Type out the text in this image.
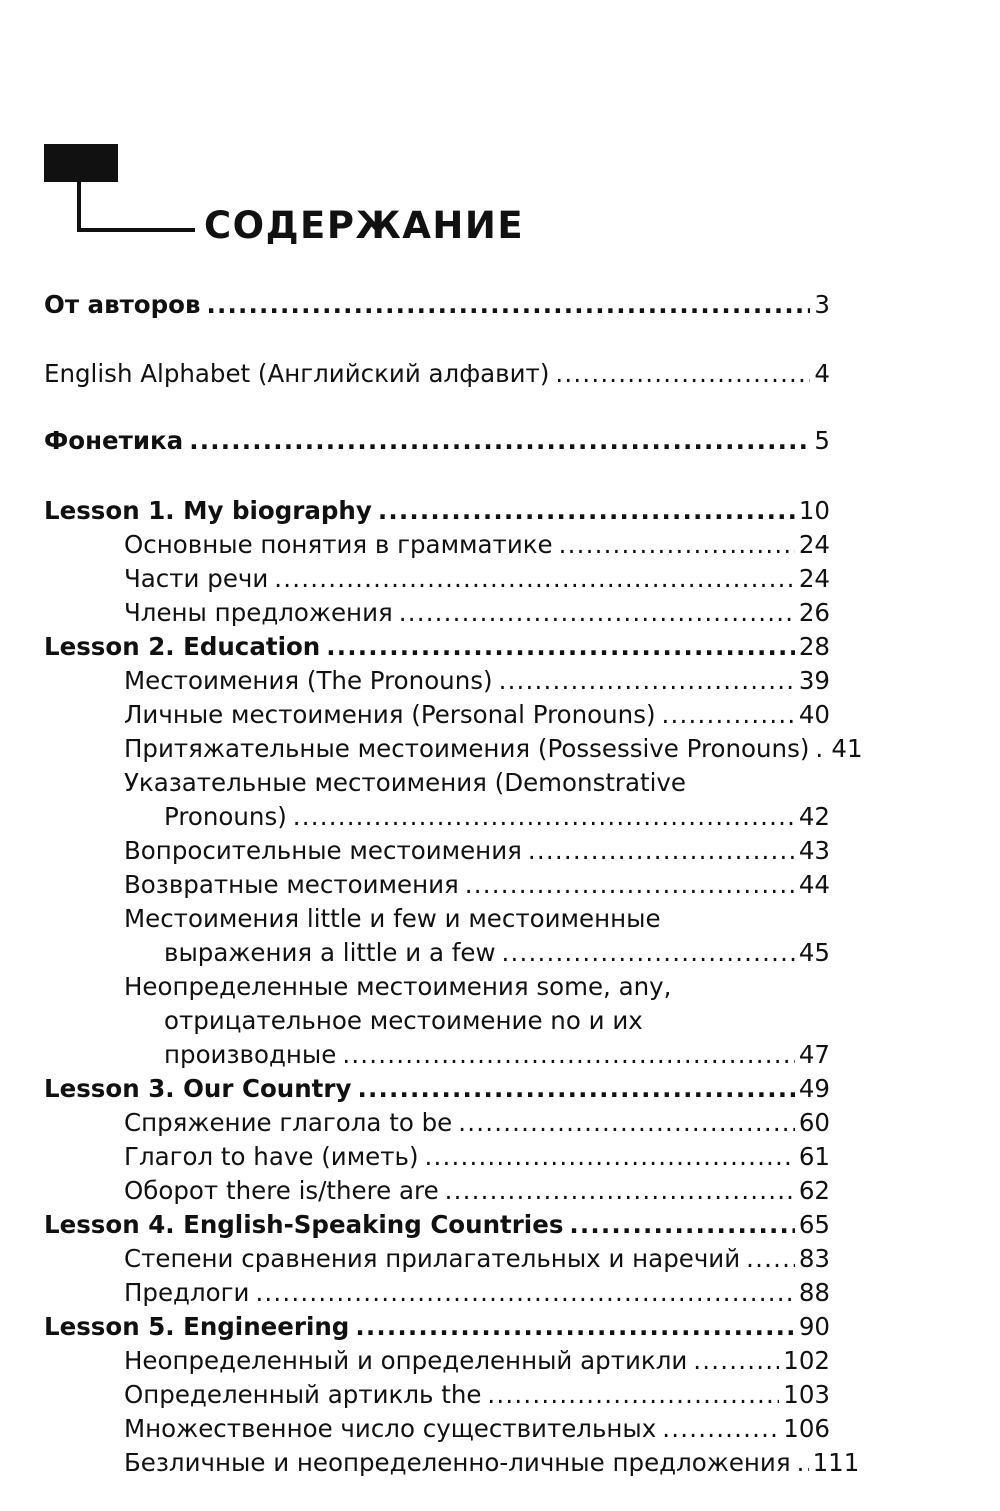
СОДЕРЖАНИЕ
От авторов .....	3
English Alphabet (Английский алфавит) .....	4
Фонетика .....	5
Lesson 1. My biography .....	10
Основные понятия в грамматике .....	24
Части речи .....	24
Члены предложения .....	26
Lesson 2. Education .....	28
Местоимения (The Pronouns) .....	39
Личные местоимения (Personal Pronouns) .....	40
Притяжательные местоимения (Possessive Pronouns) ..... 41
Указательные местоимения (Demonstrative
Pronouns) .....	42
Вопросительные местоимения .....	43
Возвратные местоимения .....	44
Местоимения little и few и местоименные
выражения a little и a few .....	45
Неопределенные местоимения some, any,
отрицательное местоимение no и их
производные .....	47
Lesson 3. Our Country .....	49
Спряжение глагола to be .....	60
Глагол to have (иметь) .....	61
Оборот there is/there are .....	62
Lesson 4. English-Speaking Countries .....	65
Степени сравнения прилагательных и наречий ..... 83
Предлоги .....	88
Lesson 5. Engineering .....	90
Неопределенный и определенный артикли .....	102
Определенный артикль the .....	103
Множественное число существительных .....	106
Безличные и неопределенно-личные предложения ..... 111
